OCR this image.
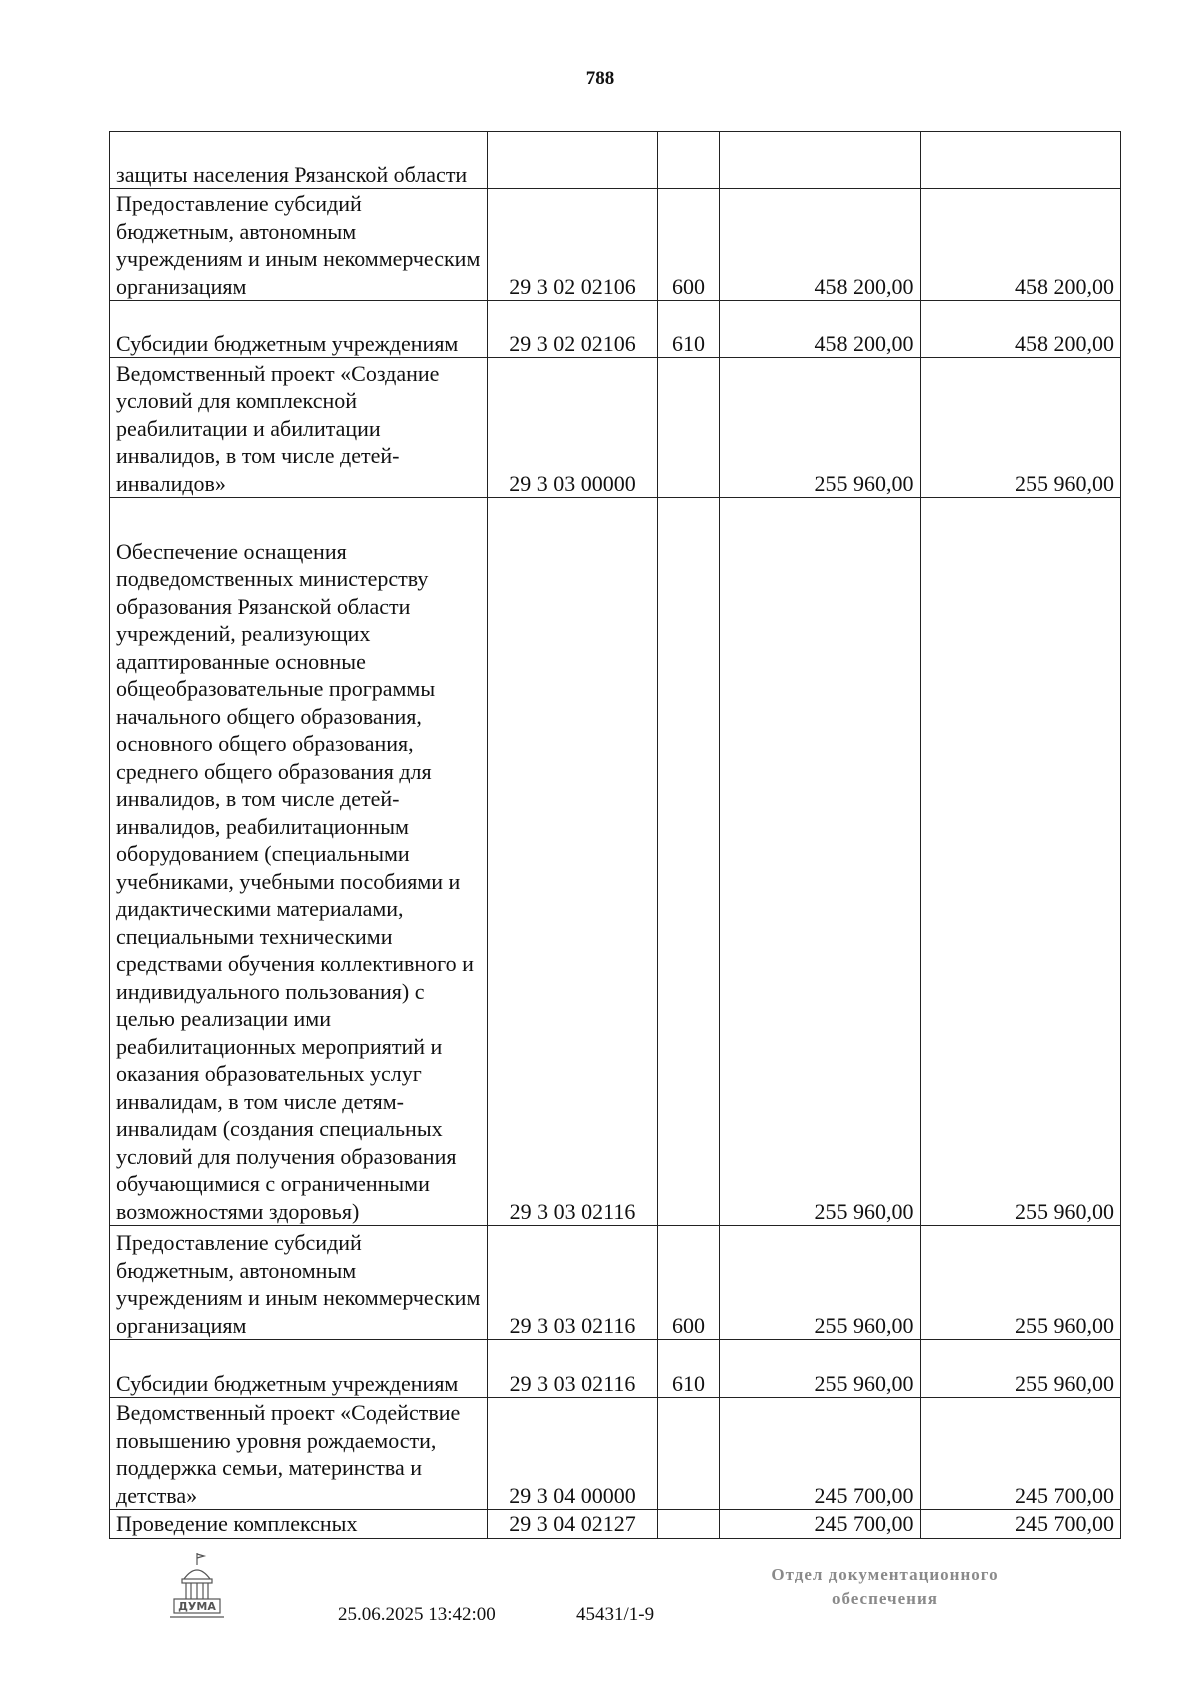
788
защиты населения Рязанской области				
Предоставление субсидий бюджетным, автономным учреждениям и иным некоммерческим организациям	29 3 02 02106	600	458 200,00	458 200,00
Субсидии бюджетным учреждениям	29 3 02 02106	610	458 200,00	458 200,00
Ведомственный проект «Создание условий для комплексной реабилитации и абилитации инвалидов, в том числе детей-инвалидов»	29 3 03 00000		255 960,00	255 960,00
Обеспечение оснащения подведомственных министерству образования Рязанской области учреждений, реализующих адаптированные основные общеобразовательные программы начального общего образования, основного общего образования, среднего общего образования для инвалидов, в том числе детей-инвалидов, реабилитационным оборудованием (специальными учебниками, учебными пособиями и дидактическими материалами, специальными техническими средствами обучения коллективного и индивидуального пользования) с целью реализации ими реабилитационных мероприятий и оказания образовательных услуг инвалидам, в том числе детям-инвалидам (создания специальных условий для получения образования обучающимися с ограниченными возможностями здоровья)	29 3 03 02116		255 960,00	255 960,00
Предоставление субсидий бюджетным, автономным учреждениям и иным некоммерческим организациям	29 3 03 02116	600	255 960,00	255 960,00
Субсидии бюджетным учреждениям	29 3 03 02116	610	255 960,00	255 960,00
Ведомственный проект «Содействие повышению уровня рождаемости, поддержка семьи, материнства и детства»	29 3 04 00000		245 700,00	245 700,00
Проведение комплексных	29 3 04 02127		245 700,00	245 700,00
ДУМА	25.06.2025 13:42:00	45431/1-9
Отдел документационного
обеспечения
